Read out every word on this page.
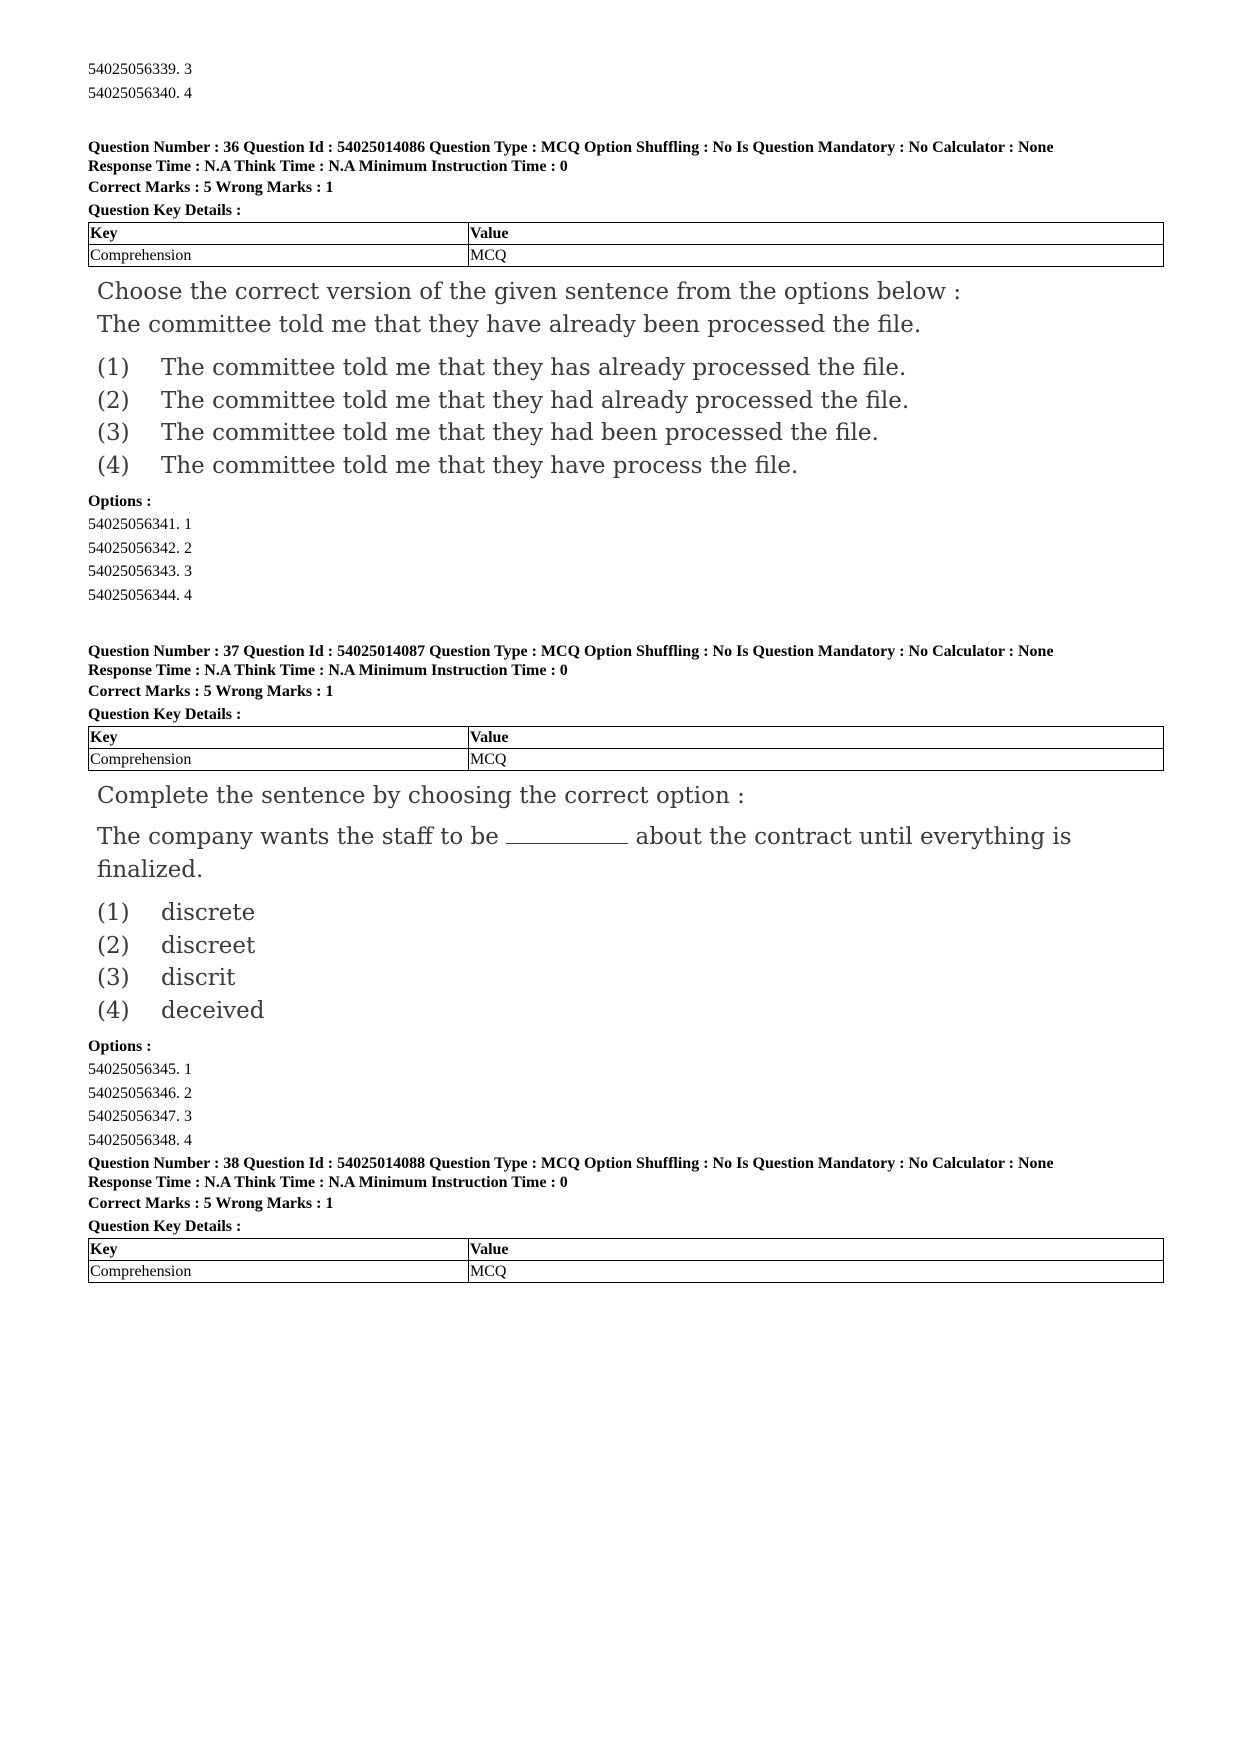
54025056339. 3
54025056340. 4
Question Number : 36 Question Id : 54025014086 Question Type : MCQ Option Shuffling : No Is Question Mandatory : No Calculator : None
Response Time : N.A Think Time : N.A Minimum Instruction Time : 0
Correct Marks : 5 Wrong Marks : 1
Question Key Details :
Key	Value
Comprehension	MCQ
Choose the correct version of the given sentence from the options below :
The committee told me that they have already been processed the file.
(1)	The committee told me that they has already processed the file.
(2)	The committee told me that they had already processed the file.
(3)	The committee told me that they had been processed the file.
(4)	The committee told me that they have process the file.
Options :
54025056341. 1
54025056342. 2
54025056343. 3
54025056344. 4
Question Number : 37 Question Id : 54025014087 Question Type : MCQ Option Shuffling : No Is Question Mandatory : No Calculator : None
Response Time : N.A Think Time : N.A Minimum Instruction Time : 0
Correct Marks : 5 Wrong Marks : 1
Question Key Details :
Key	Value
Comprehension	MCQ
Complete the sentence by choosing the correct option :
The company wants the staff to be	about the contract until everything is finalized.
(1)	discrete
(2)	discreet
(3)	discrit
(4)	deceived
Options :
54025056345. 1
54025056346. 2
54025056347. 3
54025056348. 4
Question Number : 38 Question Id : 54025014088 Question Type : MCQ Option Shuffling : No Is Question Mandatory : No Calculator : None
Response Time : N.A Think Time : N.A Minimum Instruction Time : 0
Correct Marks : 5 Wrong Marks : 1
Question Key Details :
Key	Value
Comprehension	MCQ
